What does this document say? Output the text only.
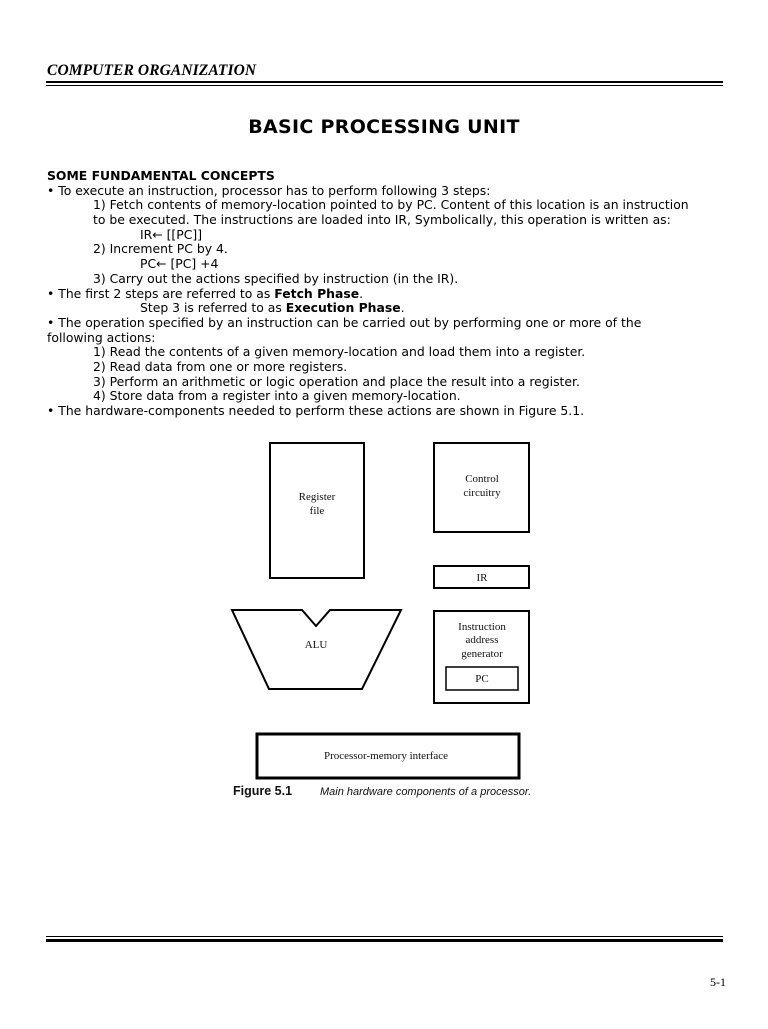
COMPUTER ORGANIZATION
BASIC PROCESSING UNIT
SOME FUNDAMENTAL CONCEPTS
• To execute an instruction, processor has to perform following 3 steps:
1) Fetch contents of memory-location pointed to by PC. Content of this location is an instruction
to be executed. The instructions are loaded into IR, Symbolically, this operation is written as:
IR← [[PC]]
2) Increment PC by 4.
PC← [PC] +4
3) Carry out the actions specified by instruction (in the IR).
• The first 2 steps are referred to as Fetch Phase.
Step 3 is referred to as Execution Phase.
• The operation specified by an instruction can be carried out by performing one or more of the
following actions:
1) Read the contents of a given memory-location and load them into a register.
2) Read data from one or more registers.
3) Perform an arithmetic or logic operation and place the result into a register.
4) Store data from a register into a given memory-location.
• The hardware-components needed to perform these actions are shown in Figure 5.1.
Register
file
Control
circuitry
IR
ALU
Instruction
address
generator
PC
Processor-memory interface
Figure 5.1	Main hardware components of a processor.
5-1
